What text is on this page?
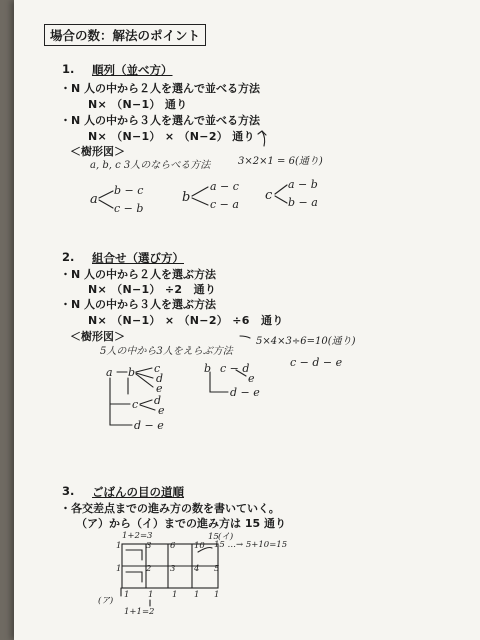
場合の数：解法のポイント
1. 順列（並べ方）
・N 人の中から２人を選んで並べる方法
N× （N−1） 通り
・N 人の中から３人を選んで並べる方法
N× （N−1） × （N−2） 通り
＜樹形図＞
a, b, c 3人のならべる方法	3×2×1 = 6(通り)
a
b − c
c − b
b
a − c
c − a
c
a − b
b − a
2. 組合せ（選び方）
・N 人の中から２人を選ぶ方法
N× （N−1） ÷2　通り
・N 人の中から３人を選ぶ方法
N× （N−1） × （N−2） ÷6　通り
＜樹形図＞
5人の中から3人をえらぶ方法
5×4×3÷6=10(通り)
a b c
d
e
c d
e
d − e
b c − d
e
d − e
c − d − e
3. ごばんの目の道順
・各交差点までの進み方の数を書いていく。
（ア）から（イ）までの進み方は 15 通り
1+2=3	(イ)
15 …→ 5+10=15
(ア)
1+1=2
1	3 6 10
15
1	2 3 4 5
1 1 1 1 1
